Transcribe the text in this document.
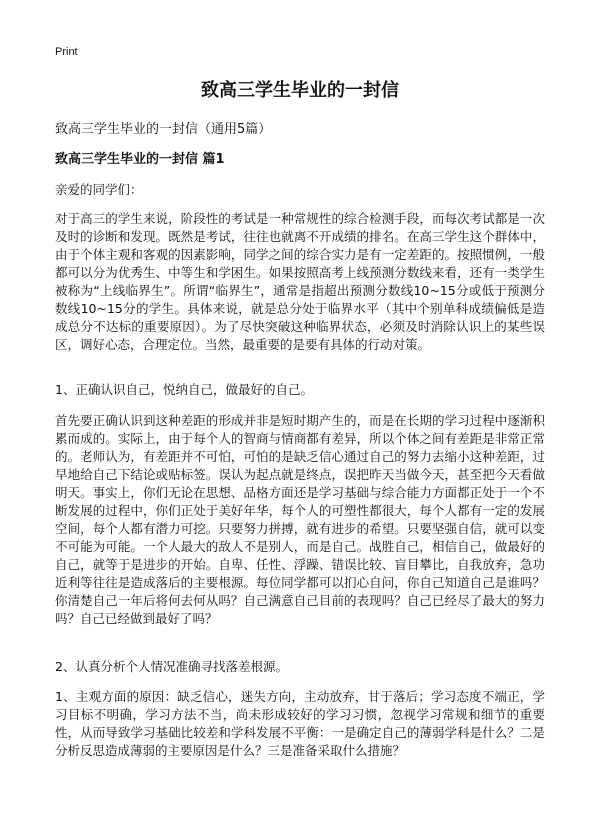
Print
致高三学生毕业的一封信
致高三学生毕业的一封信（通用5篇）
致高三学生毕业的一封信 篇1

亲爱的同学们：

对于高三的学生来说，阶段性的考试是一种常规性的综合检测手段，而每次考试都是一次及时的诊断和发现。既然是考试，往往也就离不开成绩的排名。在高三学生这个群体中，由于个体主观和客观的因素影响，同学之间的综合实力是有一定差距的。按照惯例，一般都可以分为优秀生、中等生和学困生。如果按照高考上线预测分数线来看，还有一类学生被称为“上线临界生”。所谓“临界生”，通常是指超出预测分数线10~15分或低于预测分数线10~15分的学生。具体来说，就是总分处于临界水平（其中个别单科成绩偏低是造成总分不达标的重要原因）。为了尽快突破这种临界状态，必须及时消除认识上的某些误区，调好心态，合理定位。当然，最重要的是要有具体的行动对策。

1、正确认识自己，悦纳自己，做最好的自己。

首先要正确认识到这种差距的形成并非是短时期产生的，而是在长期的学习过程中逐渐积累而成的。实际上，由于每个人的智商与情商都有差异，所以个体之间有差距是非常正常的。老师认为，有差距并不可怕，可怕的是缺乏信心通过自己的努力去缩小这种差距，过早地给自己下结论或贴标签。误认为起点就是终点，误把昨天当做今天，甚至把今天看做明天。事实上，你们无论在思想、品格方面还是学习基础与综合能力方面都正处于一个不断发展的过程中，你们正处于美好年华，每个人的可塑性都很大，每个人都有一定的发展空间，每个人都有潜力可挖。只要努力拼搏，就有进步的希望。只要坚强自信，就可以变不可能为可能。一个人最大的敌人不是别人，而是自己。战胜自己，相信自己，做最好的自己，就等于是进步的开始。自卑、任性、浮躁、错误比较、盲目攀比，自我放弃，急功近利等往往是造成落后的主要根源。每位同学都可以扪心自问，你自己知道自己是谁吗？你清楚自己一年后将何去何从吗？自己满意自己目前的表现吗？自己已经尽了最大的努力吗？自己已经做到最好了吗？

2、认真分析个人情况准确寻找落差根源。

1、主观方面的原因：缺乏信心，迷失方向，主动放弃，甘于落后；学习态度不端正，学习目标不明确，学习方法不当，尚未形成较好的学习习惯，忽视学习常规和细节的重要性，从而导致学习基础比较差和学科发展不平衡：一是确定自己的薄弱学科是什么？二是分析反思造成薄弱的主要原因是什么？三是准备采取什么措施？
